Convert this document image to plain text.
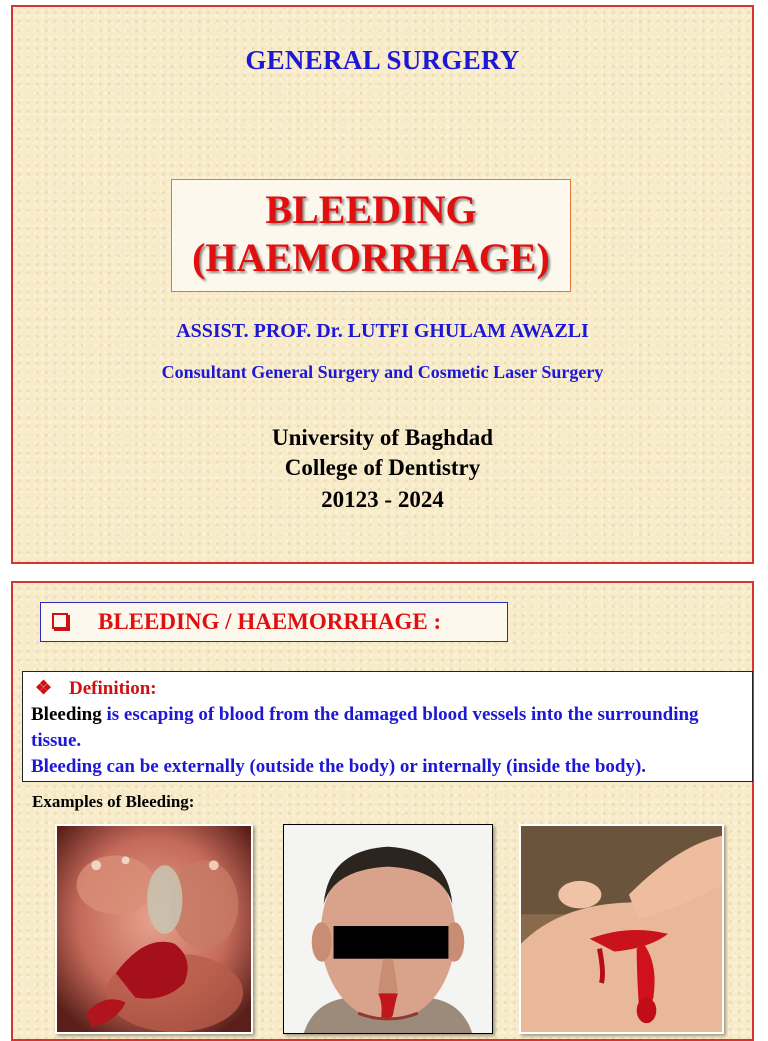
GENERAL SURGERY
BLEEDING
(HAEMORRHAGE)
ASSIST. PROF. Dr. LUTFI GHULAM AWAZLI
Consultant General Surgery and Cosmetic Laser Surgery
University of Baghdad
College of Dentistry
20123 - 2024
BLEEDING / HAEMORRHAGE :
❖ Definition:
Bleeding is escaping of blood from the damaged blood vessels into the surrounding tissue.
Bleeding can be externally (outside the body) or internally (inside the body).
Examples of Bleeding:
